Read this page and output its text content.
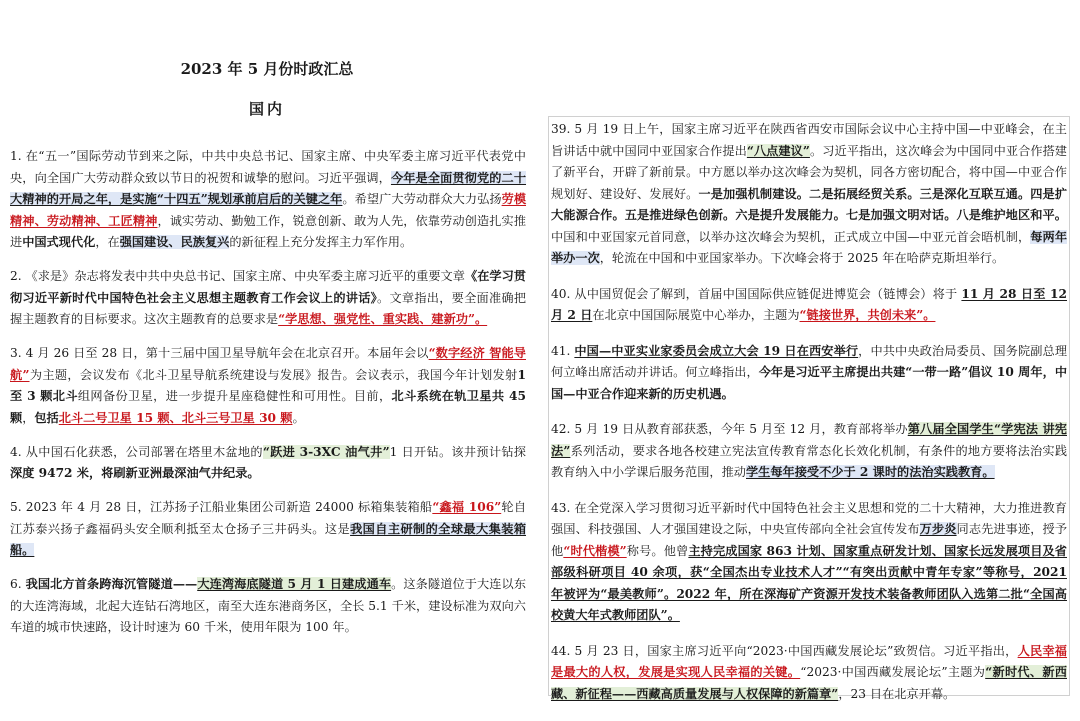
2023 年 5 月份时政汇总
国内

1. 在“五一”国际劳动节到来之际，中共中央总书记、国家主席、中央军委主席习近平代表党中央，向全国广大劳动群众致以节日的祝贺和诚挚的慰问。习近平强调，今年是全面贯彻党的二十大精神的开局之年，是实施“十四五”规划承前启后的关键之年。希望广大劳动群众大力弘扬劳模精神、劳动精神、工匠精神，诚实劳动、勤勉工作，锐意创新、敢为人先，依靠劳动创造扎实推进中国式现代化，在强国建设、民族复兴的新征程上充分发挥主力军作用。

2. 《求是》杂志将发表中共中央总书记、国家主席、中央军委主席习近平的重要文章《在学习贯彻习近平新时代中国特色社会主义思想主题教育工作会议上的讲话》。文章指出，要全面准确把握主题教育的目标要求。这次主题教育的总要求是“学思想、强党性、重实践、建新功”。

3. 4 月 26 日至 28 日，第十三届中国卫星导航年会在北京召开。本届年会以“数字经济 智能导航”为主题，会议发布《北斗卫星导航系统建设与发展》报告。会议表示，我国今年计划发射1 至 3 颗北斗组网备份卫星，进一步提升星座稳健性和可用性。目前，北斗系统在轨卫星共 45 颗，包括北斗二号卫星 15 颗、北斗三号卫星 30 颗。

4. 从中国石化获悉，公司部署在塔里木盆地的“跃进 3-3XC 油气井”1 日开钻。该井预计钻探深度 9472 米，将刷新亚洲最深油气井纪录。

5. 2023 年 4 月 28 日，江苏扬子江船业集团公司新造 24000 标箱集装箱船“鑫福 106”轮自江苏泰兴扬子鑫福码头安全顺利抵至太仓扬子三井码头。这是我国自主研制的全球最大集装箱船。

6. 我国北方首条跨海沉管隧道——大连湾海底隧道 5 月 1 日建成通车。这条隧道位于大连以东的大连湾海域，北起大连钻石湾地区，南至大连东港商务区，全长 5.1 千米，建设标准为双向六车道的城市快速路，设计时速为 60 千米，使用年限为 100 年。

39. 5 月 19 日上午，国家主席习近平在陕西省西安市国际会议中心主持中国—中亚峰会，在主旨讲话中就中国同中亚国家合作提出“八点建议”。习近平指出，这次峰会为中国同中亚合作搭建了新平台，开辟了新前景。中方愿以举办这次峰会为契机，同各方密切配合，将中国—中亚合作规划好、建设好、发展好。一是加强机制建设。二是拓展经贸关系。三是深化互联互通。四是扩大能源合作。五是推进绿色创新。六是提升发展能力。七是加强文明对话。八是维护地区和平。中国和中亚国家元首同意，以举办这次峰会为契机，正式成立中国—中亚元首会晤机制，每两年举办一次，轮流在中国和中亚国家举办。下次峰会将于 2025 年在哈萨克斯坦举行。

40. 从中国贸促会了解到，首届中国国际供应链促进博览会（链博会）将于 11 月 28 日至 12 月 2 日在北京中国国际展览中心举办，主题为“链接世界，共创未来”。

41. 中国—中亚实业家委员会成立大会 19 日在西安举行，中共中央政治局委员、国务院副总理何立峰出席活动并讲话。何立峰指出，今年是习近平主席提出共建“一带一路”倡议 10 周年，中国—中亚合作迎来新的历史机遇。

42. 5 月 19 日从教育部获悉，今年 5 月至 12 月，教育部将举办第八届全国学生“学宪法 讲宪法”系列活动，要求各地各校建立宪法宣传教育常态化长效化机制，有条件的地方要将法治实践教育纳入中小学课后服务范围，推动学生每年接受不少于 2 课时的法治实践教育。

43. 在全党深入学习贯彻习近平新时代中国特色社会主义思想和党的二十大精神，大力推进教育强国、科技强国、人才强国建设之际，中央宣传部向全社会宣传发布万步炎同志先进事迹，授予他“时代楷模”称号。他曾主持完成国家 863 计划、国家重点研发计划、国家长远发展项目及省部级科研项目 40 余项，获“全国杰出专业技术人才”“有突出贡献中青年专家”等称号，2021 年被评为“最美教师”。2022 年，所在深海矿产资源开发技术装备教师团队入选第二批“全国高校黄大年式教师团队”。

44. 5 月 23 日，国家主席习近平向“2023·中国西藏发展论坛”致贺信。习近平指出，人民幸福是最大的人权，发展是实现人民幸福的关键。“2023·中国西藏发展论坛”主题为“新时代、新西藏、新征程——西藏高质量发展与人权保障的新篇章”，23 日在北京开幕。
